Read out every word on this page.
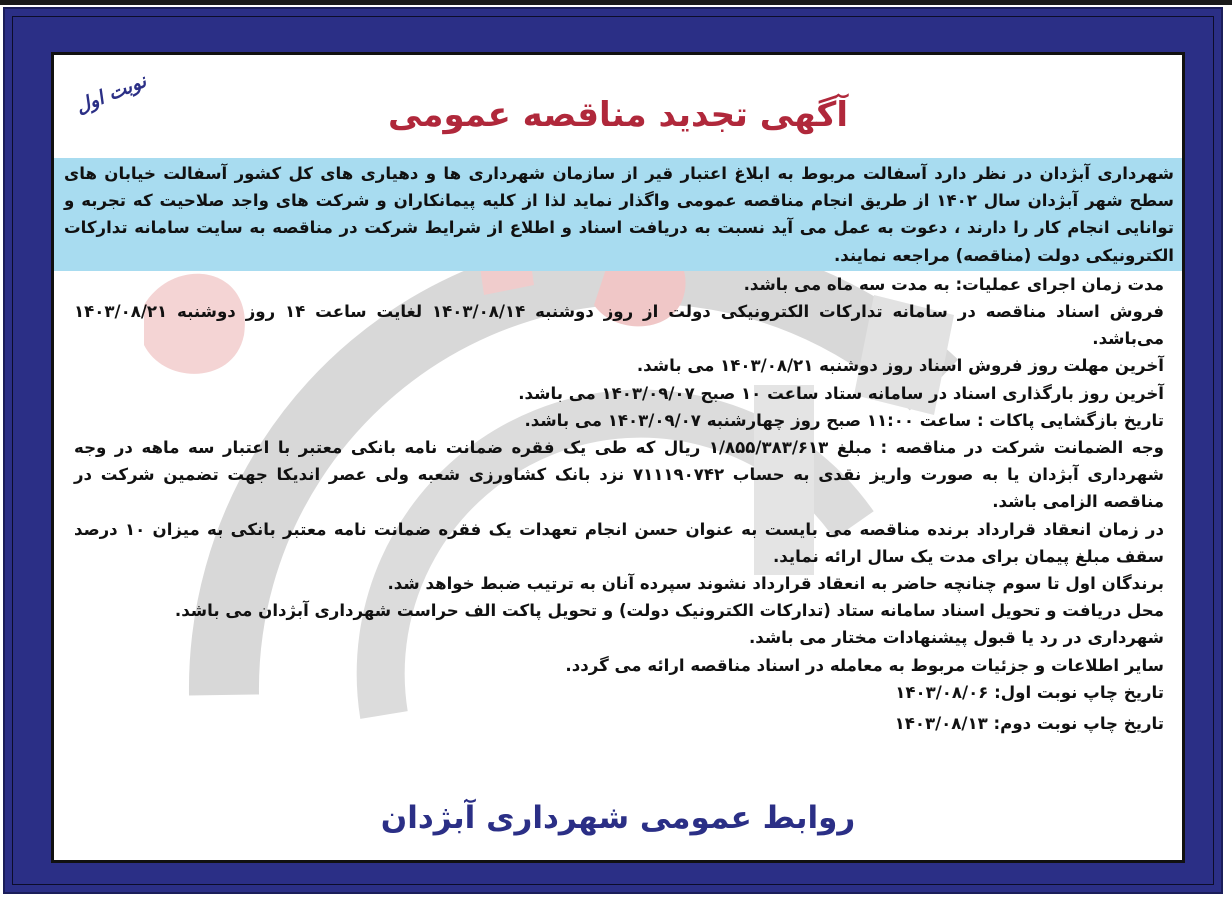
نوبت اول	آگهی تجدید مناقصه عمومی
شهرداری آبژدان در نظر دارد آسفالت مربوط به ابلاغ اعتبار قیر از سازمان شهرداری ها و دهیاری های کل کشور آسفالت خیابان های سطح شهر آبژدان سال ۱۴۰۲ از طریق انجام مناقصه عمومی واگذار نماید لذا از کلیه پیمانکاران و شرکت های واجد صلاحیت که تجربه و توانایی انجام کار را دارند ، دعوت به عمل می آید نسبت به دریافت اسناد و اطلاع از شرایط شرکت در مناقصه به سایت سامانه تدارکات الکترونیکی دولت (مناقصه) مراجعه نمایند.

مدت زمان اجرای عملیات: به مدت سه ماه می باشد.

فروش اسناد مناقصه در سامانه تدارکات الکترونیکی دولت از روز دوشنبه ۱۴۰۳/۰۸/۱۴ لغایت ساعت ۱۴ روز دوشنبه ۱۴۰۳/۰۸/۲۱ می‌باشد.

آخرین مهلت روز فروش اسناد روز دوشنبه ۱۴۰۳/۰۸/۲۱ می باشد.

آخرین روز بارگذاری اسناد در سامانه ستاد ساعت ۱۰ صبح ۱۴۰۳/۰۹/۰۷ می باشد.

تاریخ بازگشایی پاکات : ساعت ۱۱:۰۰ صبح روز چهارشنبه ۱۴۰۳/۰۹/۰۷ می باشد.

وجه الضمانت شرکت در مناقصه : مبلغ ۱/۸۵۵/۳۸۳/۶۱۳ ریال که طی یک فقره ضمانت نامه بانکی معتبر با اعتبار سه ماهه در وجه شهرداری آبژدان یا به صورت واریز نقدی به حساب ۷۱۱۱۹۰۷۴۲ نزد بانک کشاورزی شعبه ولی عصر اندیکا جهت تضمین شرکت در مناقصه الزامی باشد.

در زمان انعقاد قرارداد برنده مناقصه می بایست به عنوان حسن انجام تعهدات یک فقره ضمانت نامه معتبر بانکی به میزان ۱۰ درصد سقف مبلغ پیمان برای مدت یک سال ارائه نماید.

برندگان اول تا سوم چنانچه حاضر به انعقاد قرارداد نشوند سپرده آنان به ترتیب ضبط خواهد شد.

محل دریافت و تحویل اسناد سامانه ستاد (تدارکات الکترونیک دولت) و تحویل پاکت الف حراست شهرداری آبژدان می باشد.

شهرداری در رد یا قبول پیشنهادات مختار می باشد.

سایر اطلاعات و جزئیات مربوط به معامله در اسناد مناقصه ارائه می گردد.

تاریخ چاپ نوبت اول: ۱۴۰۳/۰۸/۰۶

تاریخ چاپ نوبت دوم: ۱۴۰۳/۰۸/۱۳

روابط عمومی شهرداری آبژدان
